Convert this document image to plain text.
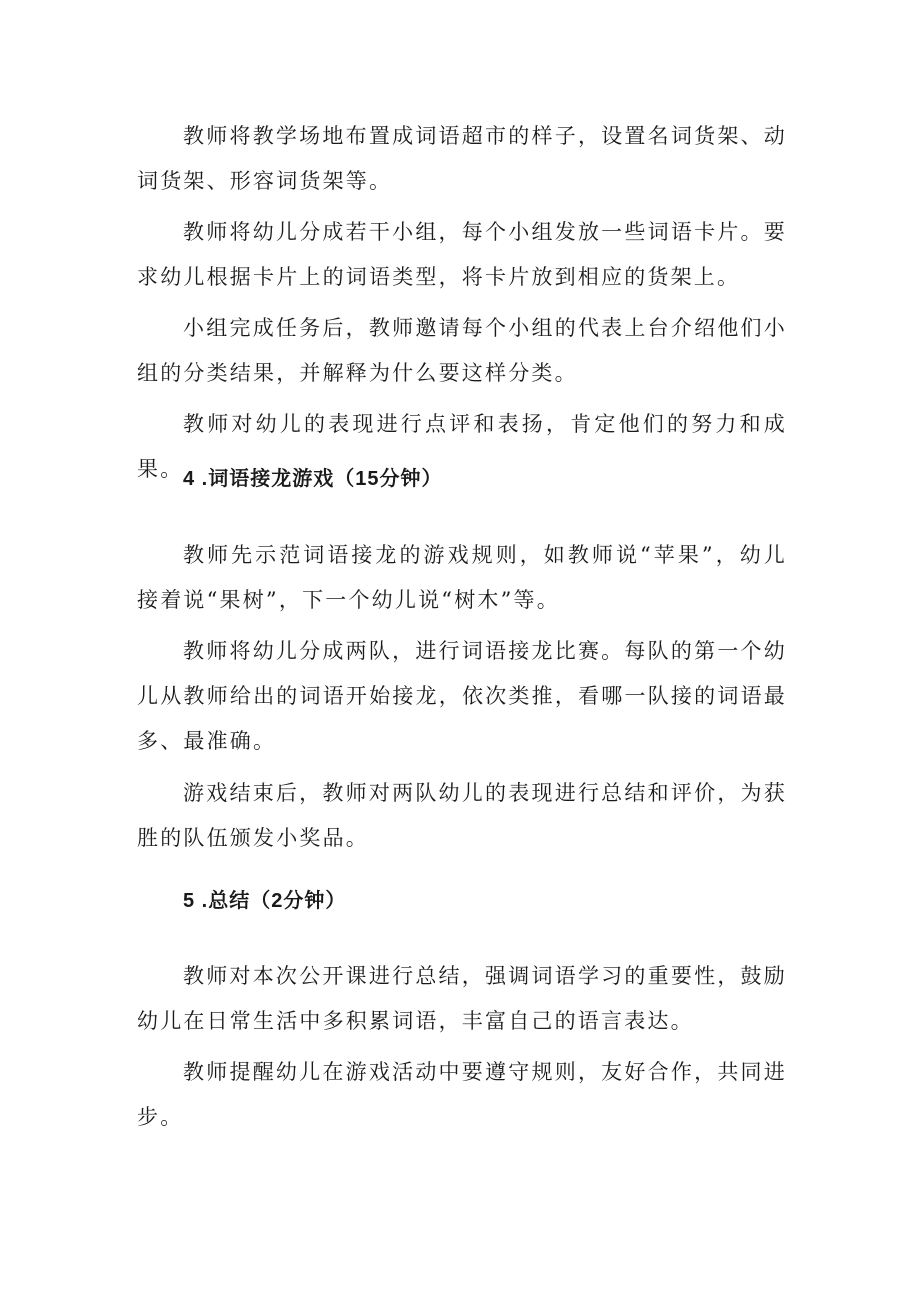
教师将教学场地布置成词语超市的样子，设置名词货架、动词货架、形容词货架等。

教师将幼儿分成若干小组，每个小组发放一些词语卡片。要求幼儿根据卡片上的词语类型，将卡片放到相应的货架上。

小组完成任务后，教师邀请每个小组的代表上台介绍他们小组的分类结果，并解释为什么要这样分类。

教师对幼儿的表现进行点评和表扬，肯定他们的努力和成果。 4 .词语接龙游戏（15分钟）

教师先示范词语接龙的游戏规则，如教师说“苹果”，幼儿接着说“果树”，下一个幼儿说“树木”等。

教师将幼儿分成两队，进行词语接龙比赛。每队的第一个幼儿从教师给出的词语开始接龙，依次类推，看哪一队接的词语最多、最准确。

游戏结束后，教师对两队幼儿的表现进行总结和评价，为获胜的队伍颁发小奖品。

5 .总结（2分钟）

教师对本次公开课进行总结，强调词语学习的重要性，鼓励幼儿在日常生活中多积累词语，丰富自己的语言表达。

教师提醒幼儿在游戏活动中要遵守规则，友好合作，共同进步。
